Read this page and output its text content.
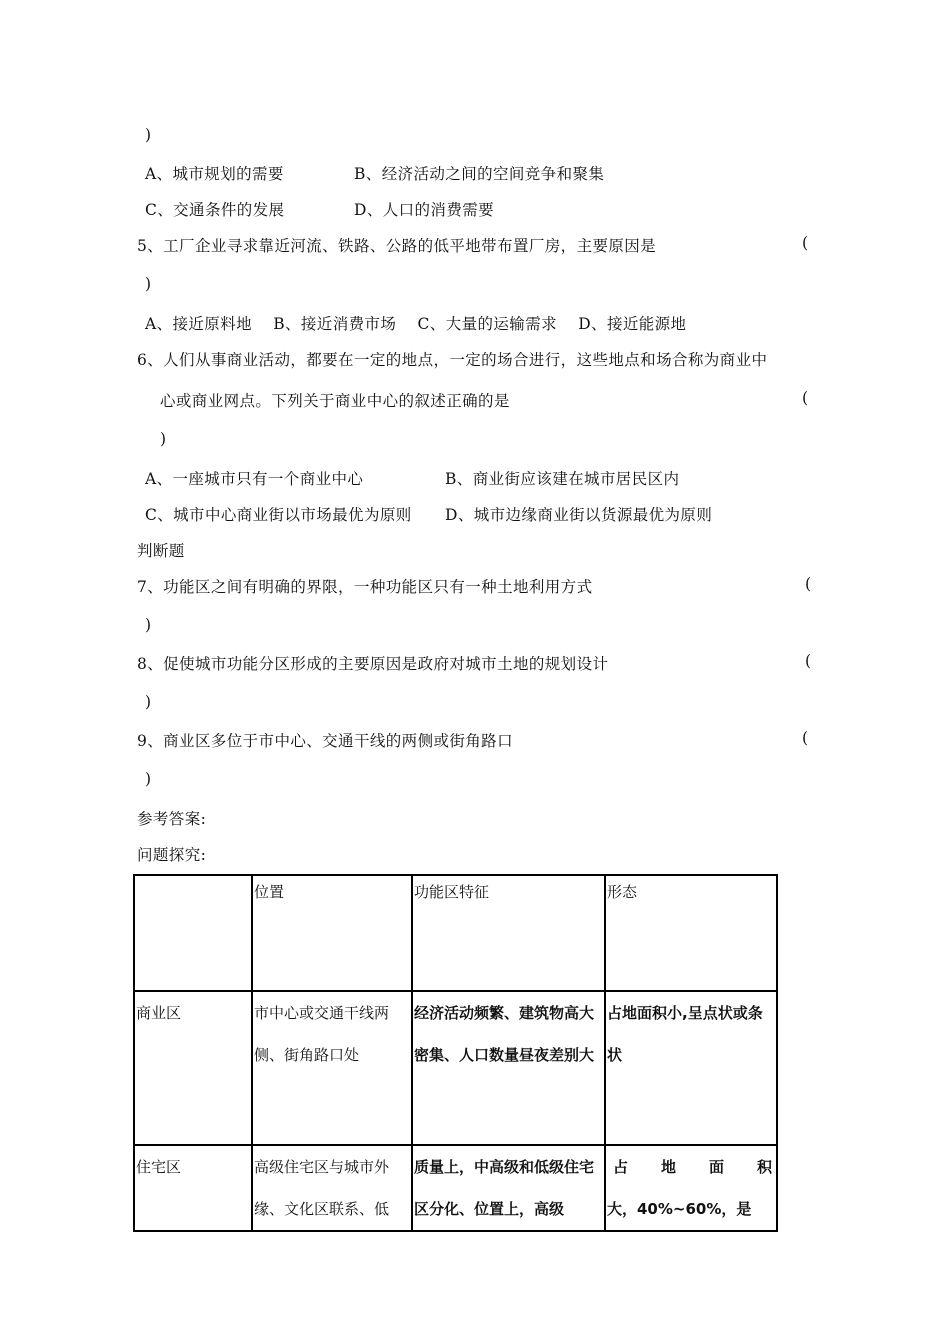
)
A、城市规划的需要	B、经济活动之间的空间竞争和聚集
C、交通条件的发展	D、人口的消费需要
5、工厂企业寻求靠近河流、铁路、公路的低平地带布置厂房，主要原因是	(
)
A、接近原料地　 B、接近消费市场　 C、大量的运输需求　 D、接近能源地
6、人们从事商业活动，都要在一定的地点，一定的场合进行，这些地点和场合称为商业中
心或商业网点。下列关于商业中心的叙述正确的是	(
)
A、一座城市只有一个商业中心	B、商业街应该建在城市居民区内
C、城市中心商业街以市场最优为原则 D、城市边缘商业街以货源最优为原则
判断题
7、功能区之间有明确的界限，一种功能区只有一种土地利用方式	(
)
8、促使城市功能分区形成的主要原因是政府对城市土地的规划设计	(
)
9、商业区多位于市中心、交通干线的两侧或街角路口	(
)
参考答案:
问题探究:
	位置	功能区特征	形态
商业区	市中心或交通干线两侧、街角路口处	经济活动频繁、建筑物高大密集、人口数量昼夜差别大	占地面积小,呈点状或条状
住宅区	高级住宅区与城市外缘、文化区联系、低	质量上，中高级和低级住宅区分化、位置上，高级	占 地 面 积
大，40%~60%，是
